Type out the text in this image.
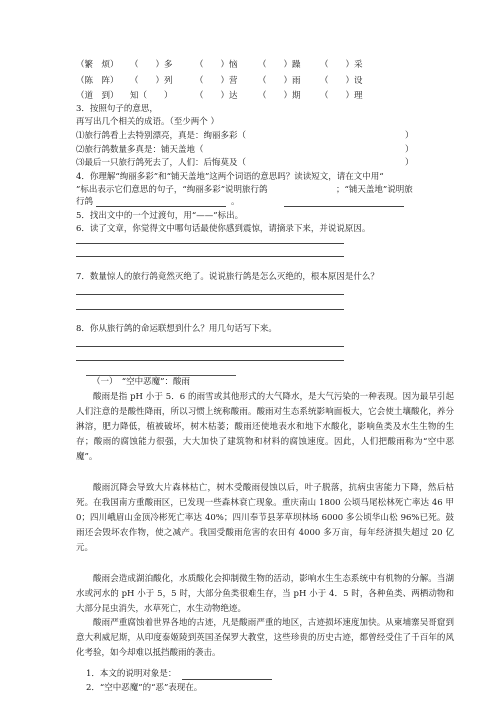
（繁　烦） （　　）多	（　　）恼 （　　）躁 （　　）采
（陈　阵） （　　）列	（　　）营 （　　）雨 （　　）设
（道　到） 知（　　）	（　　）达 （　　）期 （　　）理
3．按照句子的意思，
再写出几个相关的成语。（至少两个 ）
⑴旅行鸽看上去特别漂亮，真是：绚丽多彩（	）
⑵旅行鸽数量多真是：铺天盖地（	）
⑶最后一只旅行鸽死去了，人们：后悔莫及（	）
4．你理解“绚丽多彩”和“铺天盖地”这两个词语的意思吗？读读短文，请在文中用“
”标出表示它们意思的句子，“绚丽多彩”说明旅行鸽	；“铺天盖地”说明旅
行鸽	。
5．找出文中的一个过渡句，用“——”标出。
6．读了文章，你觉得文中哪句话最使你感到震惊，请摘录下来，并说说原因。
7．数量惊人的旅行鸽竟然灭绝了。说说旅行鸽是怎么灭绝的，根本原因是什么？
8．你从旅行鸽的命运联想到什么？用几句话写下来。
（一）　“空中恶魔”：酸雨

酸雨是指 pH 小于 5．6 的雨雪或其他形式的大气降水，是大气污染的一种表现。因为最早引起人们注意的是酸性降雨，所以习惯上统称酸雨。酸雨对生态系统影响面板大，它会使土壤酸化，养分淋溶，肥力降低，植被破坏，树木枯萎；酸雨还使地表水和地下水酸化，影响鱼类及水生生物的生存；酸雨的腐蚀能力很强，大大加快了建筑物和材料的腐蚀速度。因此，人们把酸雨称为“空中恶魔”。

酸雨沉降会导致大片森林枯亡，树木受酸雨侵蚀以后，叶子脱落，抗病虫害能力下降，然后枯死。在我国南方重酸雨区，已发现一些森林衰亡现象。重庆南山 1800 公顷马尾松林死亡率达 46 甲 0；四川峨眉山金顶冷彬死亡率达 40%；四川奉节县茅草坝林场 6000 多公顷华山松 96%已死。鼓雨还会毁坏农作物，使之减产。我国受酸雨危害的农田有 4000 多万亩，每年经济损失超过 20 亿元。

酸雨会造成湖泊酸化，水质酸化会抑制微生物的活动，影响水生生态系统中有机物的分解。当湖水或河水的 pH 小于 5，5 时，大部分鱼类很难生存，当 pH 小于 4．5 时，各种鱼类、两栖动物和大部分昆虫消失，水草死亡，水生动物绝迹。

酸雨严重腐蚀着世界各地的古迹，凡是酸雨严重的地区，古迹损坏速度加快。从柬埔寨吴哥窟到意大利威尼斯，从印度泰姬陵到英国圣保罗大教堂，这些珍贵的历史古迹，都曾经受住了千百年的风化考验，如今却难以抵挡酸雨的袭击。

1．本文的说明对象是：
2．“空中恶魔”的“恶”表现在。
